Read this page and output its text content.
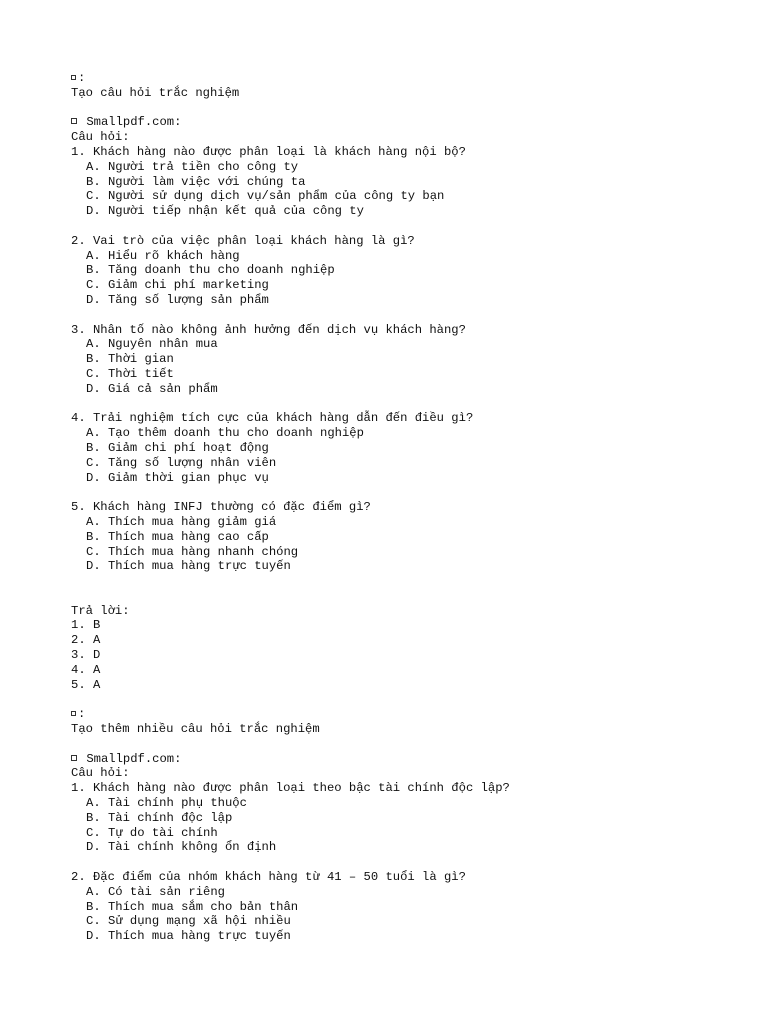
:
Tạo câu hỏi trắc nghiệm
Smallpdf.com:
Câu hỏi:
1. Khách hàng nào được phân loại là khách hàng nội bộ?
A. Người trả tiền cho công ty
B. Người làm việc với chúng ta
C. Người sử dụng dịch vụ/sản phẩm của công ty bạn
D. Người tiếp nhận kết quả của công ty
2. Vai trò của việc phân loại khách hàng là gì?
A. Hiểu rõ khách hàng
B. Tăng doanh thu cho doanh nghiệp
C. Giảm chi phí marketing
D. Tăng số lượng sản phẩm
3. Nhân tố nào không ảnh hưởng đến dịch vụ khách hàng?
A. Nguyên nhân mua
B. Thời gian
C. Thời tiết
D. Giá cả sản phẩm
4. Trải nghiệm tích cực của khách hàng dẫn đến điều gì?
A. Tạo thêm doanh thu cho doanh nghiệp
B. Giảm chi phí hoạt động
C. Tăng số lượng nhân viên
D. Giảm thời gian phục vụ
5. Khách hàng INFJ thường có đặc điểm gì?
A. Thích mua hàng giảm giá
B. Thích mua hàng cao cấp
C. Thích mua hàng nhanh chóng
D. Thích mua hàng trực tuyến
Trả lời:
1. B
2. A
3. D
4. A
5. A
:
Tạo thêm nhiều câu hỏi trắc nghiệm
Smallpdf.com:
Câu hỏi:
1. Khách hàng nào được phân loại theo bậc tài chính độc lập?
A. Tài chính phụ thuộc
B. Tài chính độc lập
C. Tự do tài chính
D. Tài chính không ổn định
2. Đặc điểm của nhóm khách hàng từ 41 – 50 tuổi là gì?
A. Có tài sản riêng
B. Thích mua sắm cho bản thân
C. Sử dụng mạng xã hội nhiều
D. Thích mua hàng trực tuyến
